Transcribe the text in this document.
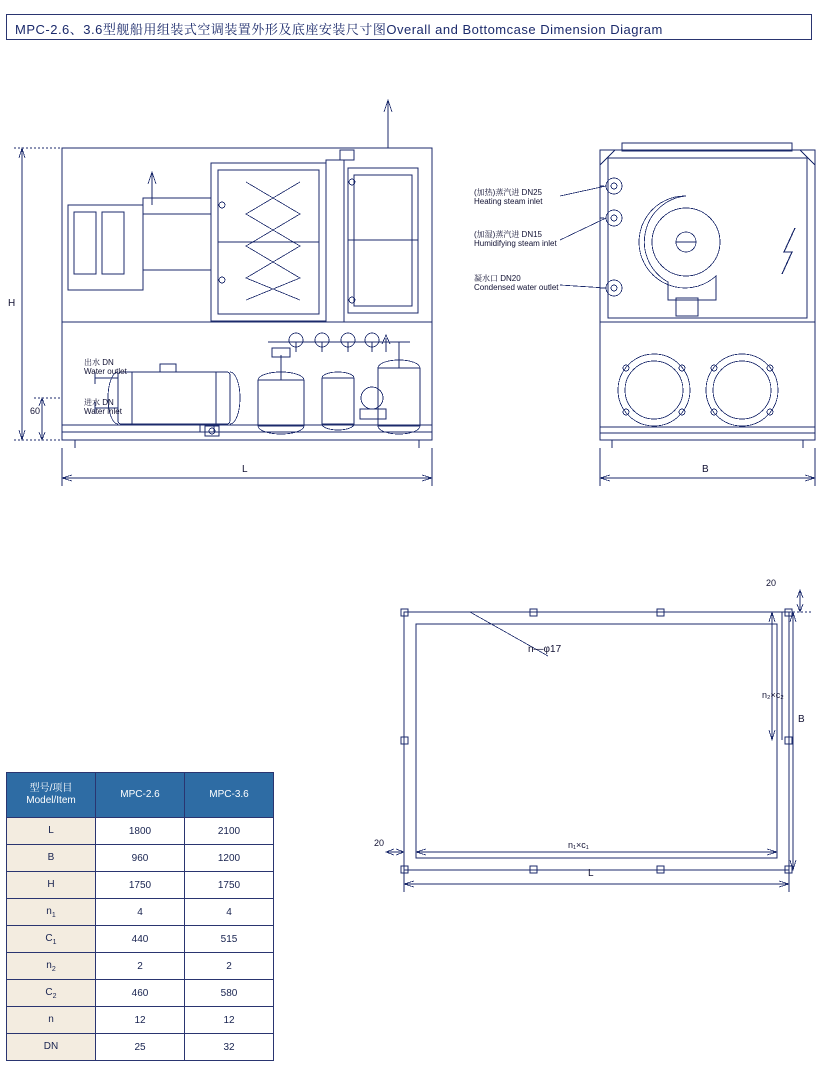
MPC-2.6、3.6型舰船用组装式空调装置外形及底座安装尺寸图Overall and Bottomcase Dimension Diagram
出水 DN
Water outlet
进水 DN
Water inlet
H
60
L
(加热)蒸汽进 DN25
Heating steam inlet
(加湿)蒸汽进 DN15
Humidifying steam inlet
凝水口 DN20
Condensed water outlet
B
n—φ17
20
20
n₂×c₂
B
n₁×c₁
L
型号/项目
Model/Item	MPC-2.6	MPC-3.6
L	1800	2100
B	960	1200
H	1750	1750
$n_1$	4	4
$C_1$	440	515
$n_2$	2	2
$C_2$	460	580
n	12	12
DN	25	32
